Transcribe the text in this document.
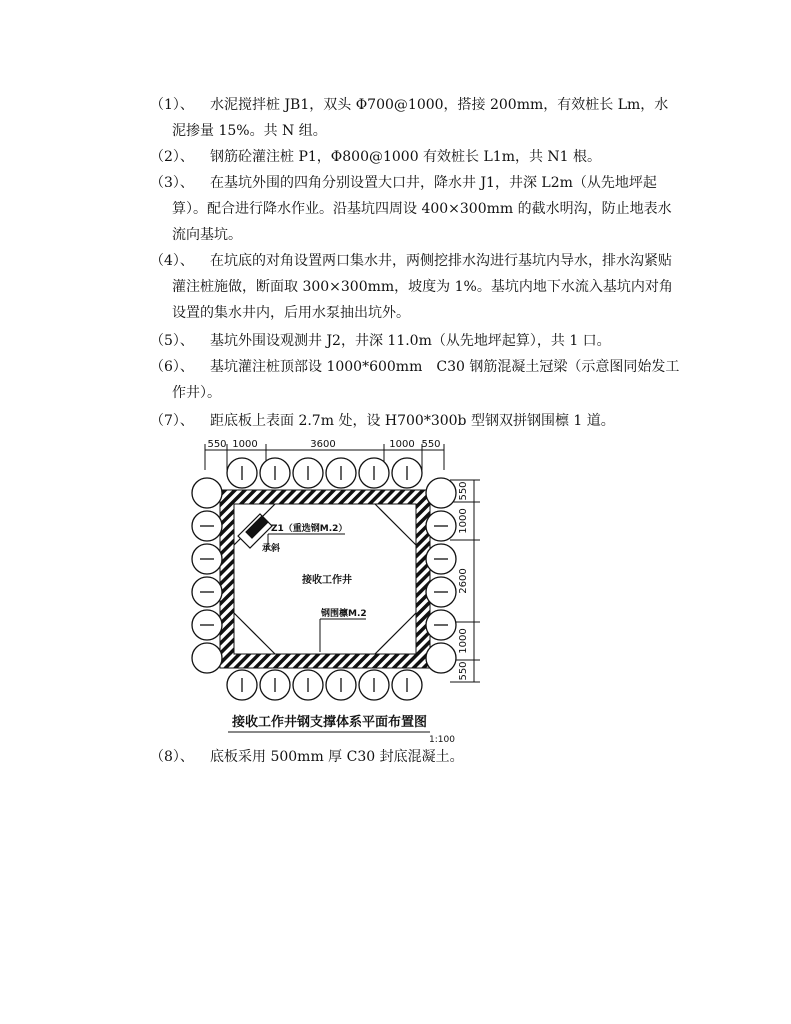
（1）、	水泥搅拌桩 JB1，双头 Φ700@1000，搭接 200mm，有效桩长 Lm，水泥掺量 15%。共 N 组。
（2）、	钢筋砼灌注桩 P1，Φ800@1000 有效桩长 L1m，共 N1 根。
（3）、	在基坑外围的四角分别设置大口井，降水井 J1，井深 L2m（从先地坪起算）。配合进行降水作业。沿基坑四周设 400×300mm 的截水明沟，防止地表水流向基坑。
（4）、	在坑底的对角设置两口集水井，两侧挖排水沟进行基坑内导水，排水沟紧贴灌注桩施做，断面取 300×300mm，坡度为 1%。基坑内地下水流入基坑内对角设置的集水井内，后用水泵抽出坑外。
（5）、	基坑外围设观测井 J2，井深 11.0m（从先地坪起算），共 1 口。
（6）、	基坑灌注桩顶部设 1000*600mm　C30 钢筋混凝土冠梁（示意图同始发工作井）。
（7）、	距底板上表面 2.7m 处，设 H700*300b 型钢双拼钢围檩 1 道。
550 1000	3600	1000 550
550
1000
2600
1000
550
Z1（重选钢M.2）
承斜
接收工作井
钢围檩M.2
接收工作井钢支撑体系平面布置图
1:100
（8）、	底板采用 500mm 厚 C30 封底混凝土。
